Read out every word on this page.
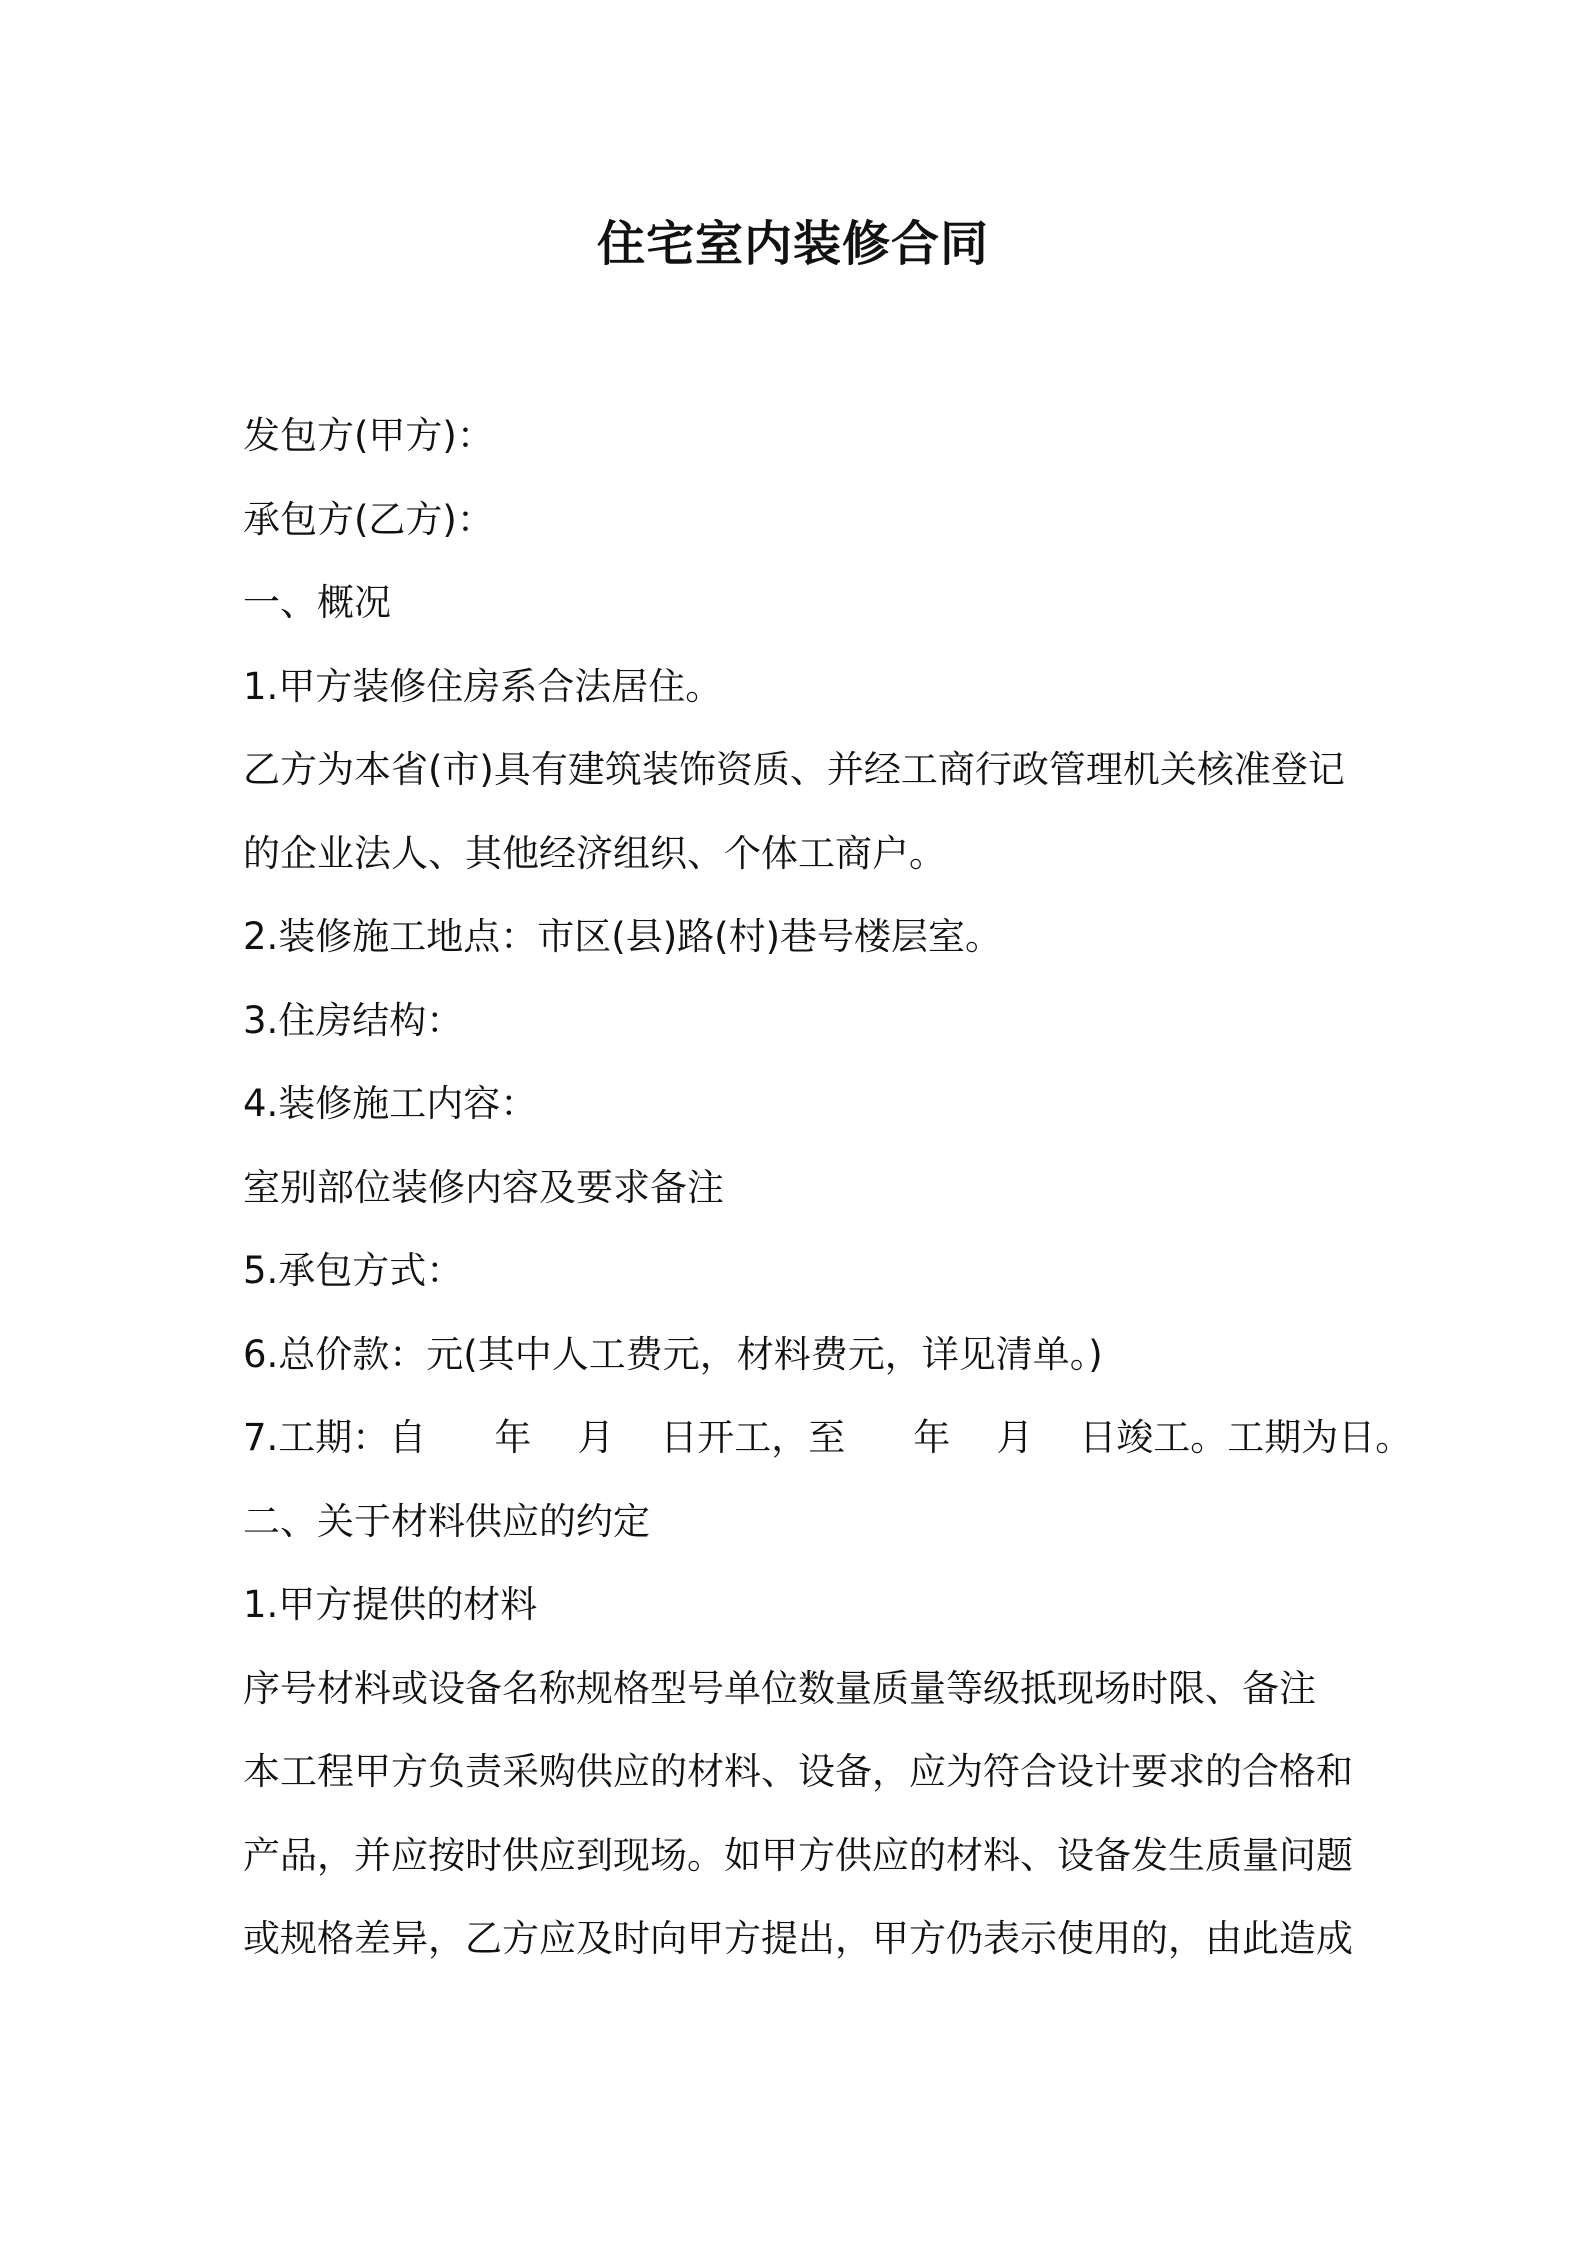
住宅室内装修合同
发包方(甲方)：
承包方(乙方)：
一、概况
1.甲方装修住房系合法居住。
乙方为本省(市)具有建筑装饰资质、并经工商行政管理机关核准登记
的企业法人、其他经济组织、个体工商户。
2.装修施工地点：市区(县)路(村)巷号楼层室。
3.住房结构：
4.装修施工内容：
室别部位装修内容及要求备注
5.承包方式：
6.总价款：元(其中人工费元，材料费元，详见清单。)
7.工期：自 年 月 日开工，至 年 月 日竣工。工期为日。
二、关于材料供应的约定
1.甲方提供的材料
序号材料或设备名称规格型号单位数量质量等级抵现场时限、备注
本工程甲方负责采购供应的材料、设备，应为符合设计要求的合格和
产品，并应按时供应到现场。如甲方供应的材料、设备发生质量问题
或规格差异，乙方应及时向甲方提出，甲方仍表示使用的，由此造成
